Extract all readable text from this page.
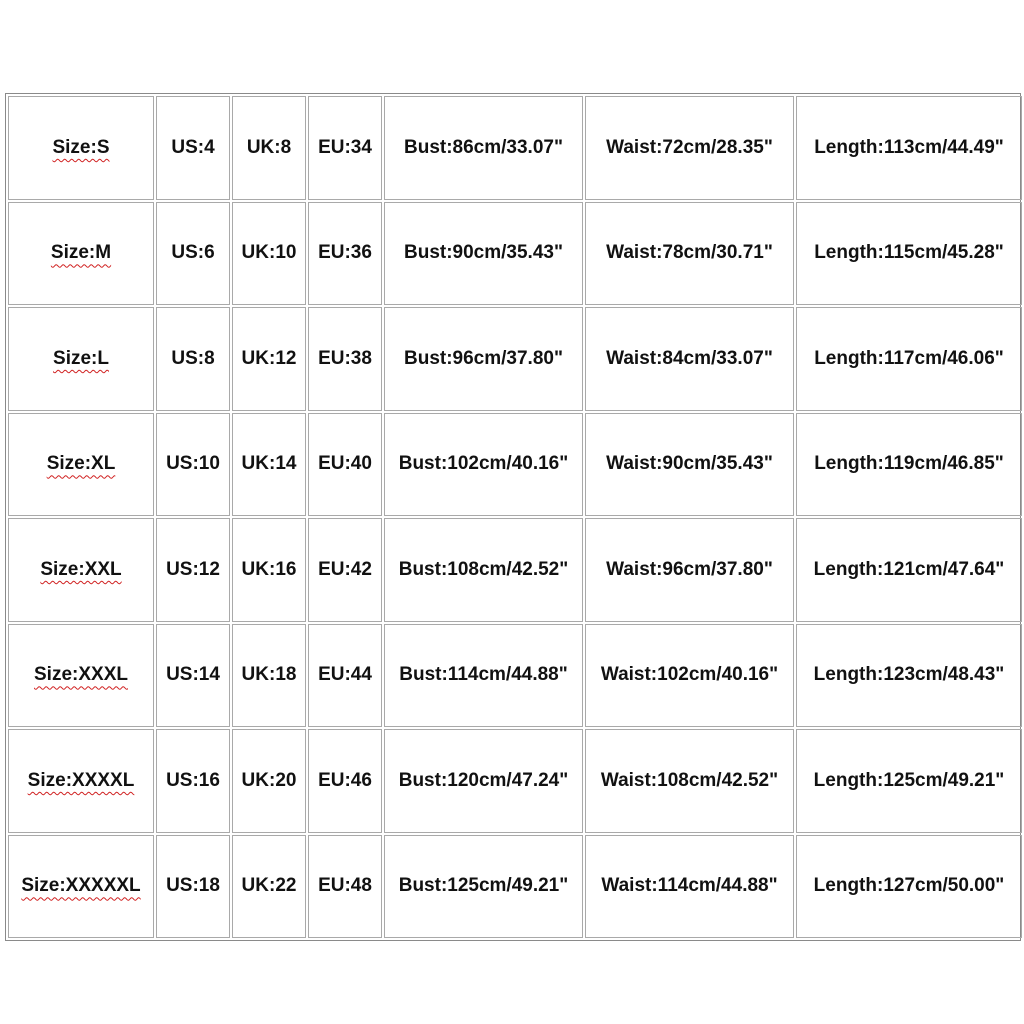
Size:S	US:4	UK:8	EU:34	Bust:86cm/33.07"	Waist:72cm/28.35"	Length:113cm/44.49"
Size:M	US:6	UK:10	EU:36	Bust:90cm/35.43"	Waist:78cm/30.71"	Length:115cm/45.28"
Size:L	US:8	UK:12	EU:38	Bust:96cm/37.80"	Waist:84cm/33.07"	Length:117cm/46.06"
Size:XL	US:10	UK:14	EU:40	Bust:102cm/40.16"	Waist:90cm/35.43"	Length:119cm/46.85"
Size:XXL	US:12	UK:16	EU:42	Bust:108cm/42.52"	Waist:96cm/37.80"	Length:121cm/47.64"
Size:XXXL	US:14	UK:18	EU:44	Bust:114cm/44.88"	Waist:102cm/40.16"	Length:123cm/48.43"
Size:XXXXL	US:16	UK:20	EU:46	Bust:120cm/47.24"	Waist:108cm/42.52"	Length:125cm/49.21"
Size:XXXXXL	US:18	UK:22	EU:48	Bust:125cm/49.21"	Waist:114cm/44.88"	Length:127cm/50.00"
